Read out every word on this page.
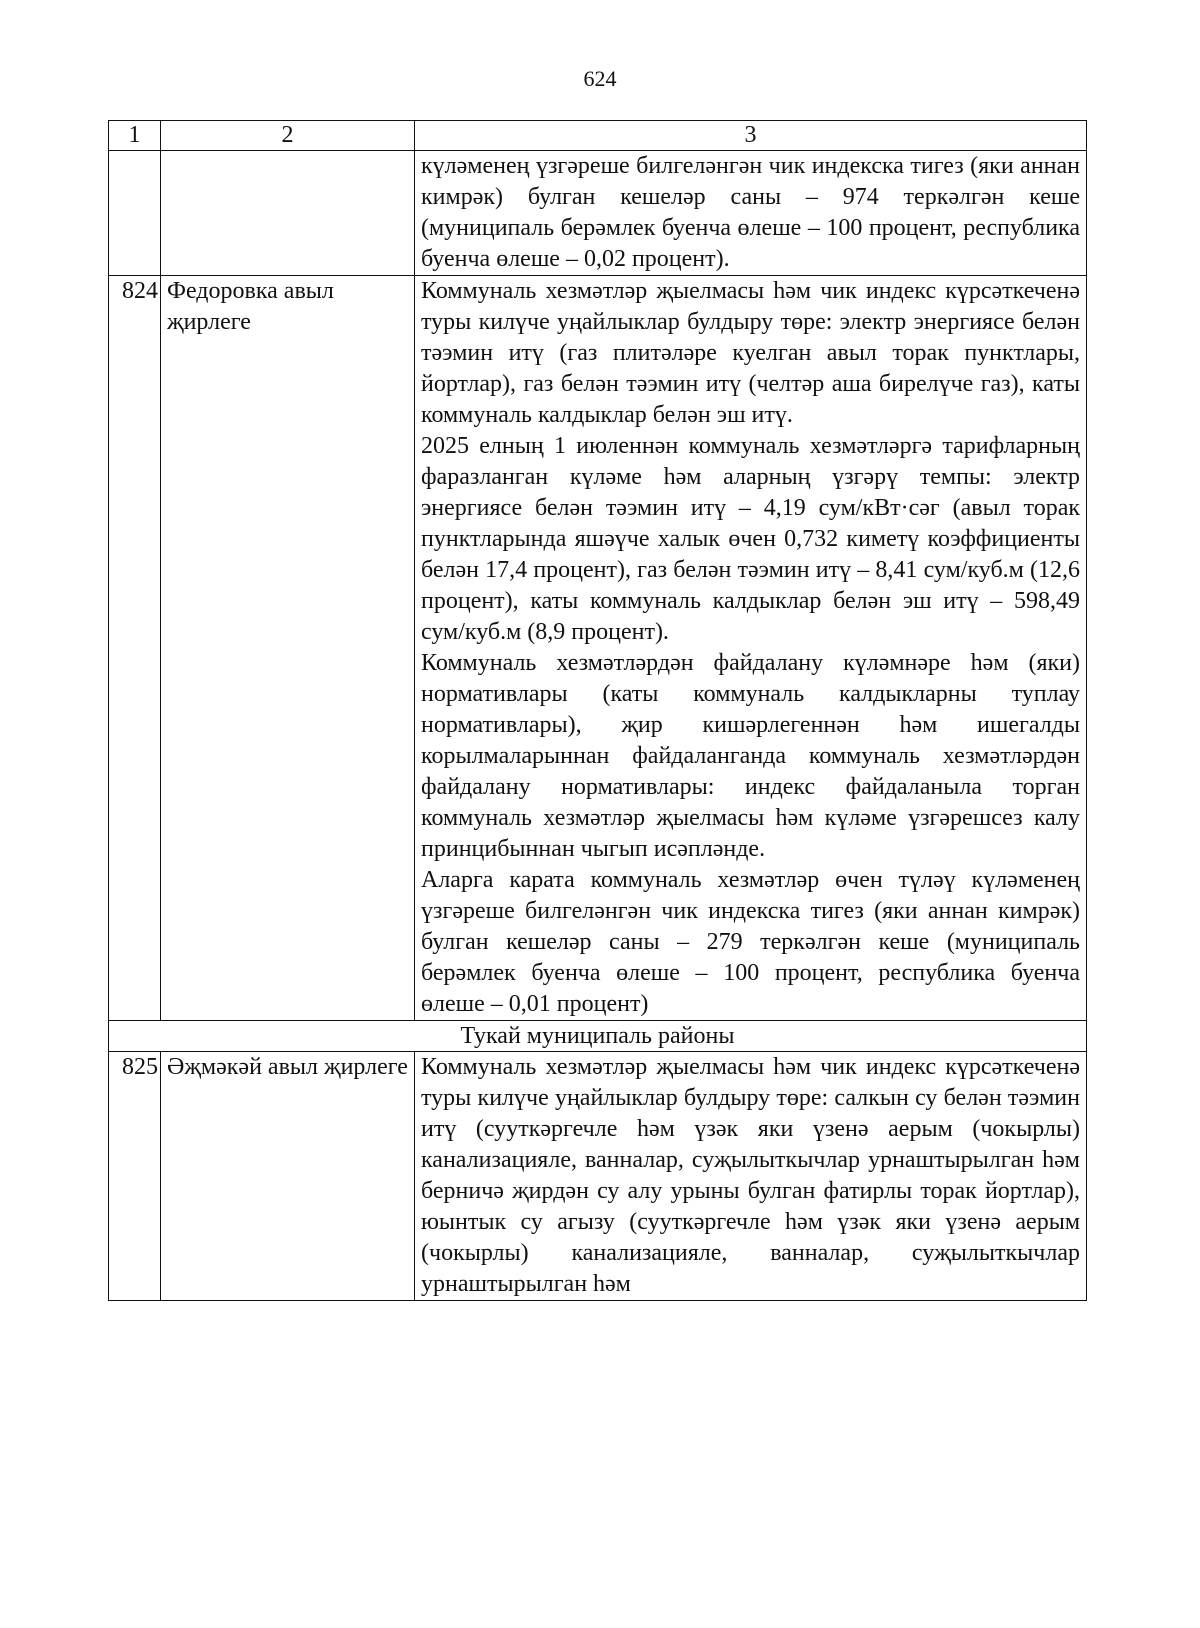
624
1	2	3

		күләменең үзгәреше билгеләнгән чик индекска тигез (яки аннан кимрәк) булган кешеләр саны – 974 теркәлгән кеше (муниципаль берәмлек буенча өлеше – 100 процент, республика буенча өлеше – 0,02 процент).

824	Федоровка авыл җирлеге	Коммуналь хезмәтләр җыелмасы һәм чик индекс күрсәткеченә туры килүче уңайлыклар булдыру төре: электр энергиясе белән тәэмин итү (газ плитәләре куелган авыл торак пунктлары, йортлар), газ белән тәэмин итү (челтәр аша бирелүче газ), каты коммуналь калдыклар белән эш итү.

2025 елның 1 июленнән коммуналь хезмәтләргә тарифларның фаразланган күләме һәм аларның үзгәрү темпы: электр энергиясе белән тәэмин итү – 4,19 сум/кВт·сәг (авыл торак пунктларында яшәүче халык өчен 0,732 киметү коэффициенты белән 17,4 процент), газ белән тәэмин итү – 8,41 сум/куб.м (12,6 процент), каты коммуналь калдыклар белән эш итү – 598,49 сум/куб.м (8,9 процент).

Коммуналь хезмәтләрдән файдалану күләмнәре һәм (яки) нормативлары (каты коммуналь калдыкларны туплау нормативлары), җир кишәрлегеннән һәм ишегалды корылмаларыннан файдаланганда коммуналь хезмәтләрдән файдалану нормативлары: индекс файдаланыла торган коммуналь хезмәтләр җыелмасы һәм күләме үзгәрешсез калу принцибыннан чыгып исәпләнде.

Аларга карата коммуналь хезмәтләр өчен түләү күләменең үзгәреше билгеләнгән чик индекска тигез (яки аннан кимрәк) булган кешеләр саны – 279 теркәлгән кеше (муниципаль берәмлек буенча өлеше – 100 процент, республика буенча өлеше – 0,01 процент)

Тукай муниципаль районы		
825	Әҗмәкәй авыл җирлеге	Коммуналь хезмәтләр җыелмасы һәм чик индекс күрсәткеченә туры килүче уңайлыклар булдыру төре: салкын су белән тәэмин итү (сууткәргечле һәм үзәк яки үзенә аерым (чокырлы) канализацияле, ванналар, суҗылыткычлар урнаштырылган һәм берничә җирдән су алу урыны булган фатирлы торак йортлар), юынтык су агызу (сууткәргечле һәм үзәк яки үзенә аерым (чокырлы) канализацияле, ванналар, суҗылыткычлар урнаштырылган һәм
